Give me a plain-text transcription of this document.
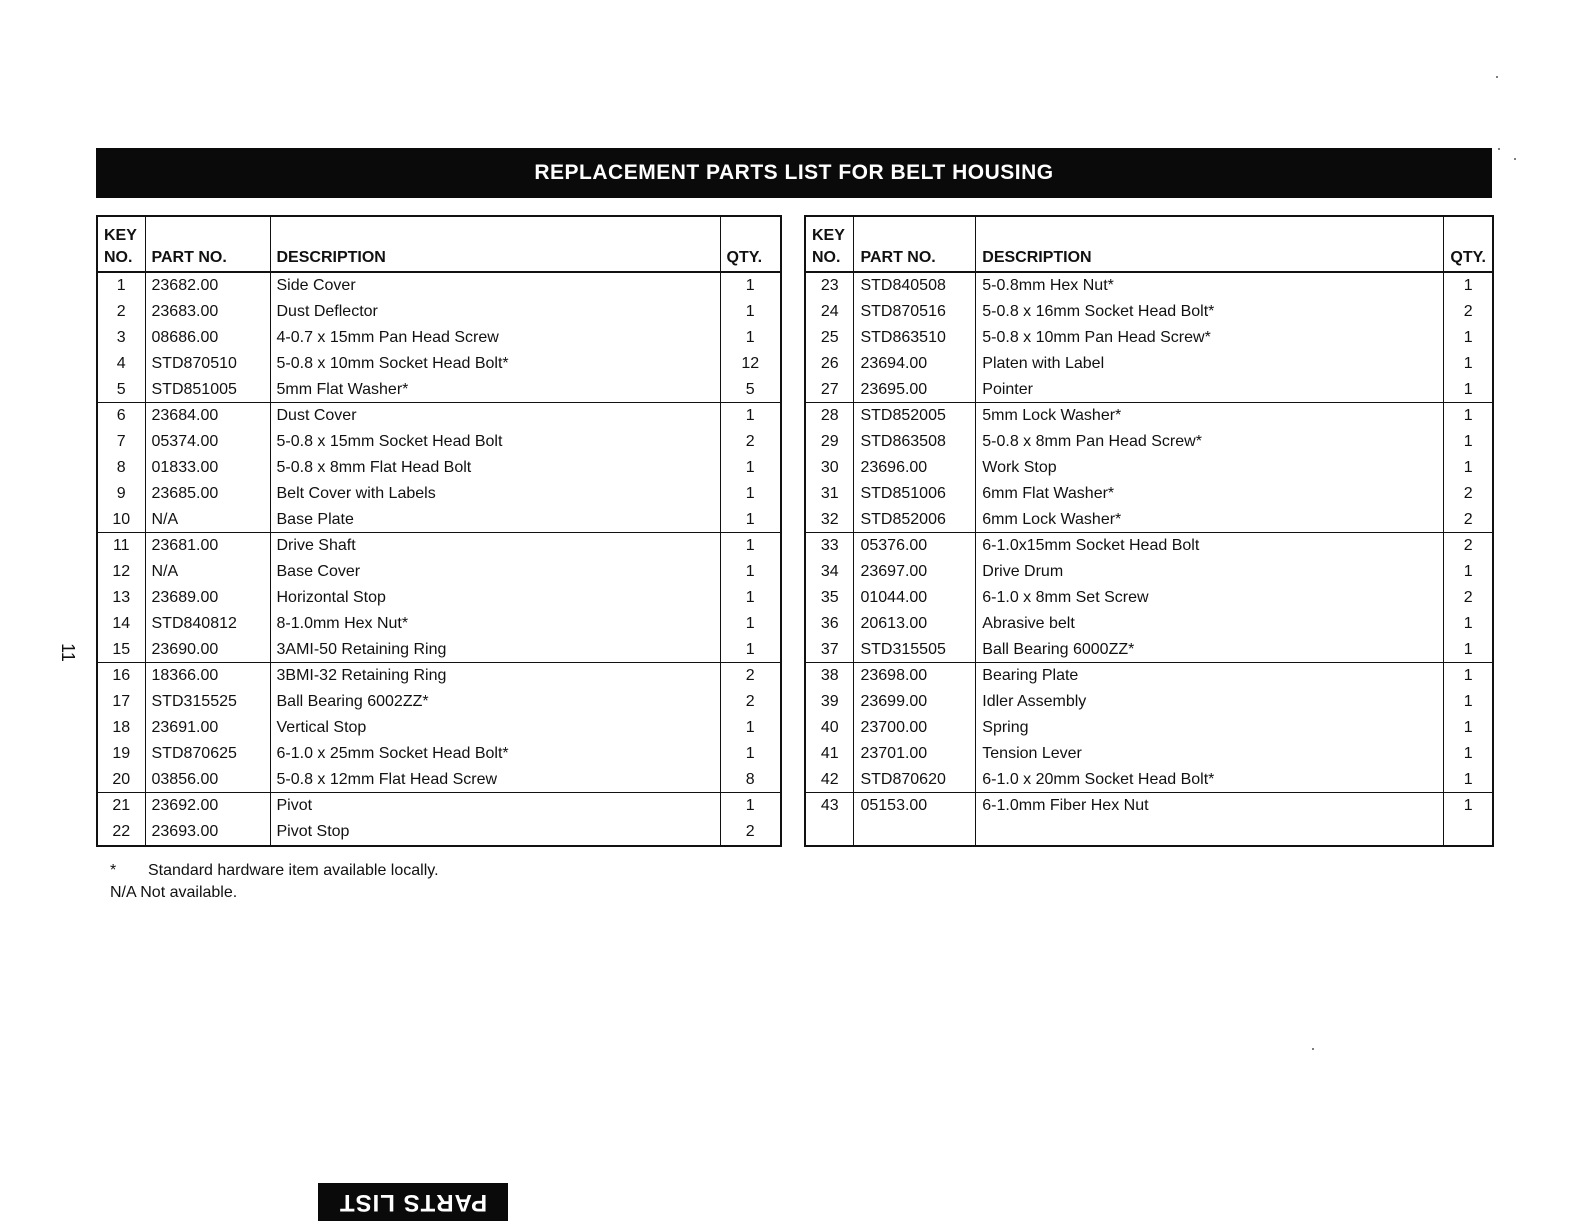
REPLACEMENT PARTS LIST FOR BELT HOUSING
KEY
NO.	PART NO.	DESCRIPTION	QTY.
1	23682.00	Side Cover	1
2	23683.00	Dust Deflector	1
3	08686.00	4-0.7 x 15mm Pan Head Screw	1
4	STD870510	5-0.8 x 10mm Socket Head Bolt*	12
5	STD851005	5mm Flat Washer*	5
6	23684.00	Dust Cover	1
7	05374.00	5-0.8 x 15mm Socket Head Bolt	2
8	01833.00	5-0.8 x 8mm Flat Head Bolt	1
9	23685.00	Belt Cover with Labels	1
10	N/A	Base Plate	1
11	23681.00	Drive Shaft	1
12	N/A	Base Cover	1
13	23689.00	Horizontal Stop	1
14	STD840812	8-1.0mm Hex Nut*	1
15	23690.00	3AMI-50 Retaining Ring	1
16	18366.00	3BMI-32 Retaining Ring	2
17	STD315525	Ball Bearing 6002ZZ*	2
18	23691.00	Vertical Stop	1
19	STD870625	6-1.0 x 25mm Socket Head Bolt*	1
20	03856.00	5-0.8 x 12mm Flat Head Screw	8
21	23692.00	Pivot	1
22	23693.00	Pivot Stop	2
KEY
NO.	PART NO.	DESCRIPTION	QTY.
23	STD840508	5-0.8mm Hex Nut*	1
24	STD870516	5-0.8 x 16mm Socket Head Bolt*	2
25	STD863510	5-0.8 x 10mm Pan Head Screw*	1
26	23694.00	Platen with Label	1
27	23695.00	Pointer	1
28	STD852005	5mm Lock Washer*	1
29	STD863508	5-0.8 x 8mm Pan Head Screw*	1
30	23696.00	Work Stop	1
31	STD851006	6mm Flat Washer*	2
32	STD852006	6mm Lock Washer*	2
33	05376.00	6-1.0x15mm Socket Head Bolt	2
34	23697.00	Drive Drum	1
35	01044.00	6-1.0 x 8mm Set Screw	2
36	20613.00	Abrasive belt	1
37	STD315505	Ball Bearing 6000ZZ*	1
38	23698.00	Bearing Plate	1
39	23699.00	Idler Assembly	1
40	23700.00	Spring	1
41	23701.00	Tension Lever	1
42	STD870620	6-1.0 x 20mm Socket Head Bolt*	1
43	05153.00	6-1.0mm Fiber Hex Nut	1

* Standard hardware item available locally.
N/A Not available.
11
PARTS LIST
